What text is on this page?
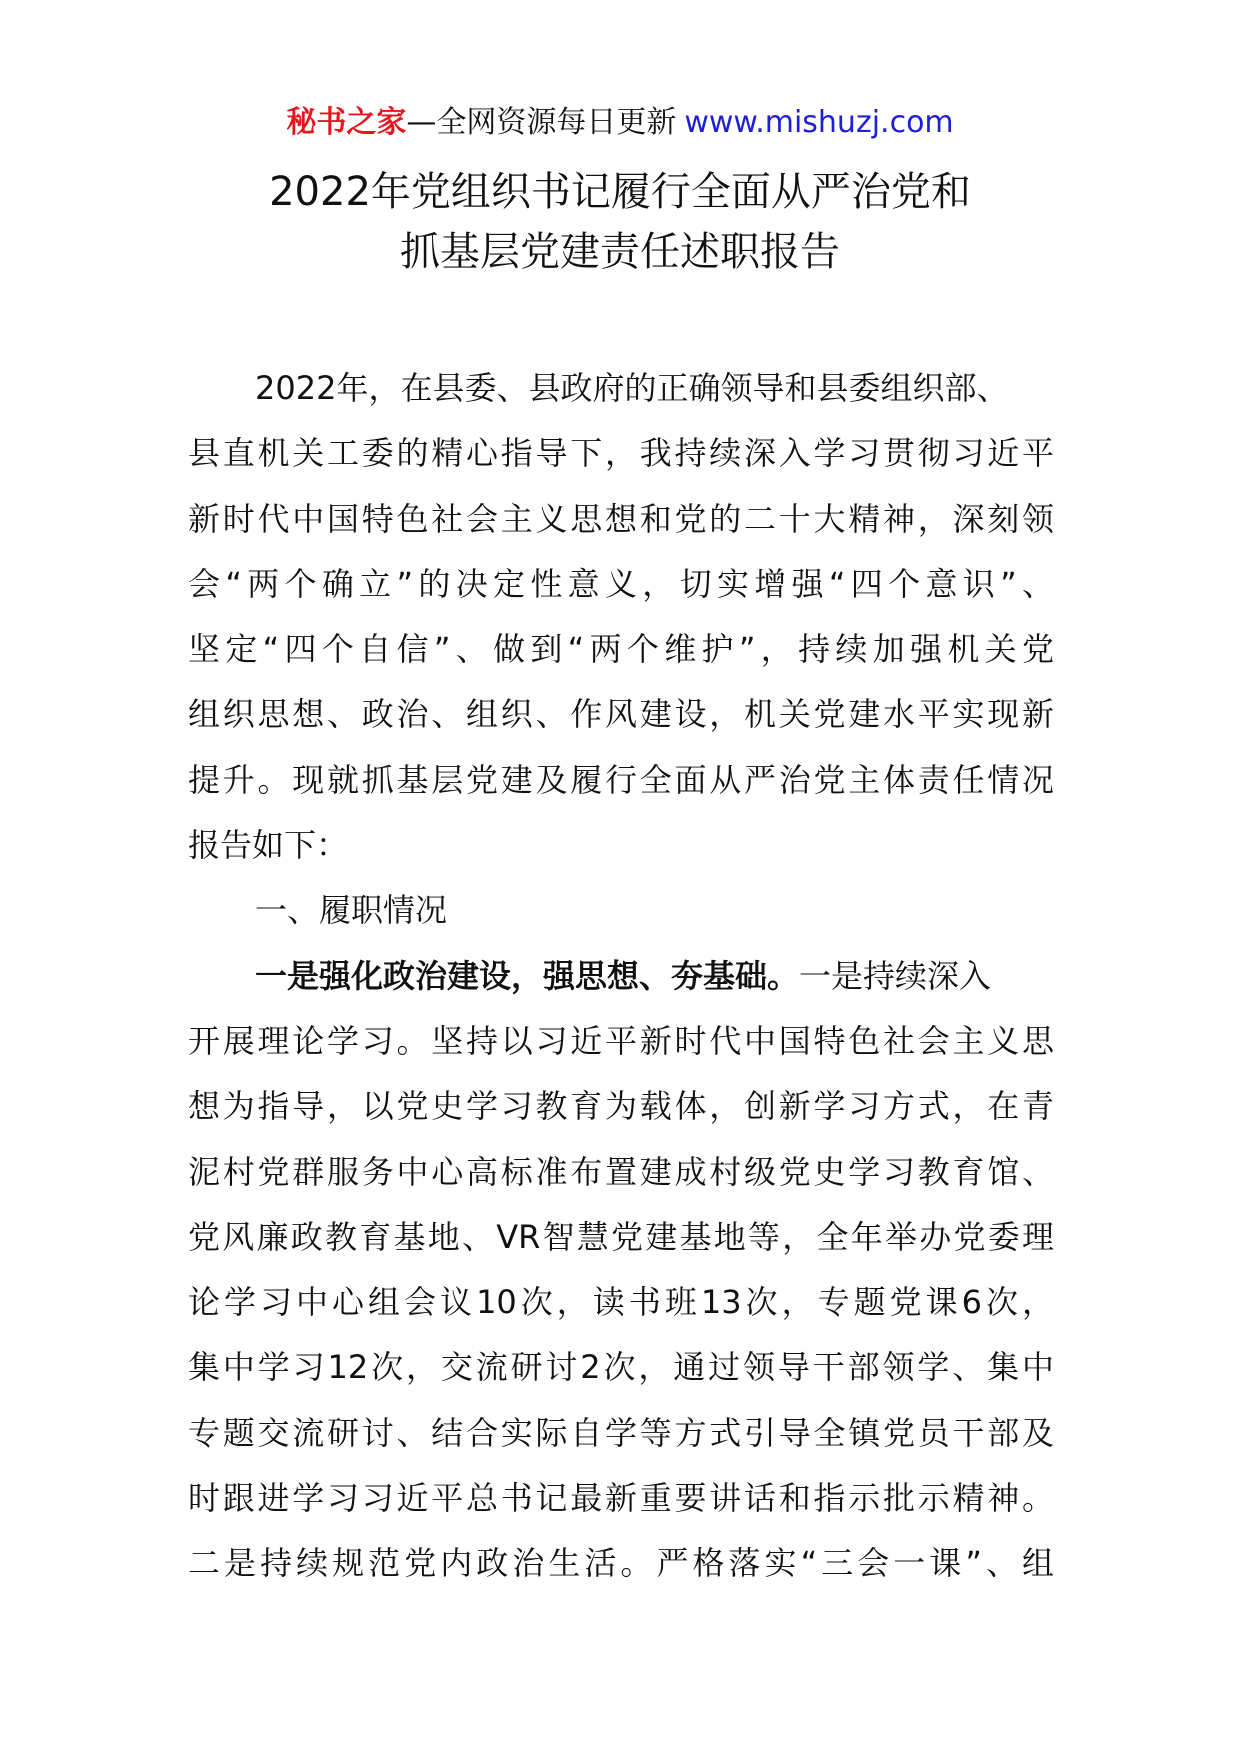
秘书之家—全网资源每日更新 www.mishuzj.com
2022年党组织书记履行全面从严治党和
抓基层党建责任述职报告
2022年，在县委、县政府的正确领导和县委组织部、
县直机关工委的精心指导下，我持续深入学习贯彻习近平
新时代中国特色社会主义思想和党的二十大精神，深刻领
会“两个确立”的决定性意义，切实增强“四个意识”、
坚定“四个自信”、做到“两个维护”，持续加强机关党
组织思想、政治、组织、作风建设，机关党建水平实现新
提升。现就抓基层党建及履行全面从严治党主体责任情况
报告如下：
一、履职情况
一是强化政治建设，强思想、夯基础。一是持续深入
开展理论学习。坚持以习近平新时代中国特色社会主义思
想为指导，以党史学习教育为载体，创新学习方式，在青
泥村党群服务中心高标准布置建成村级党史学习教育馆、
党风廉政教育基地、VR智慧党建基地等，全年举办党委理
论学习中心组会议10次，读书班13次，专题党课6次，
集中学习12次，交流研讨2次，通过领导干部领学、集中
专题交流研讨、结合实际自学等方式引导全镇党员干部及
时跟进学习习近平总书记最新重要讲话和指示批示精神。
二是持续规范党内政治生活。严格落实“三会一课”、组
